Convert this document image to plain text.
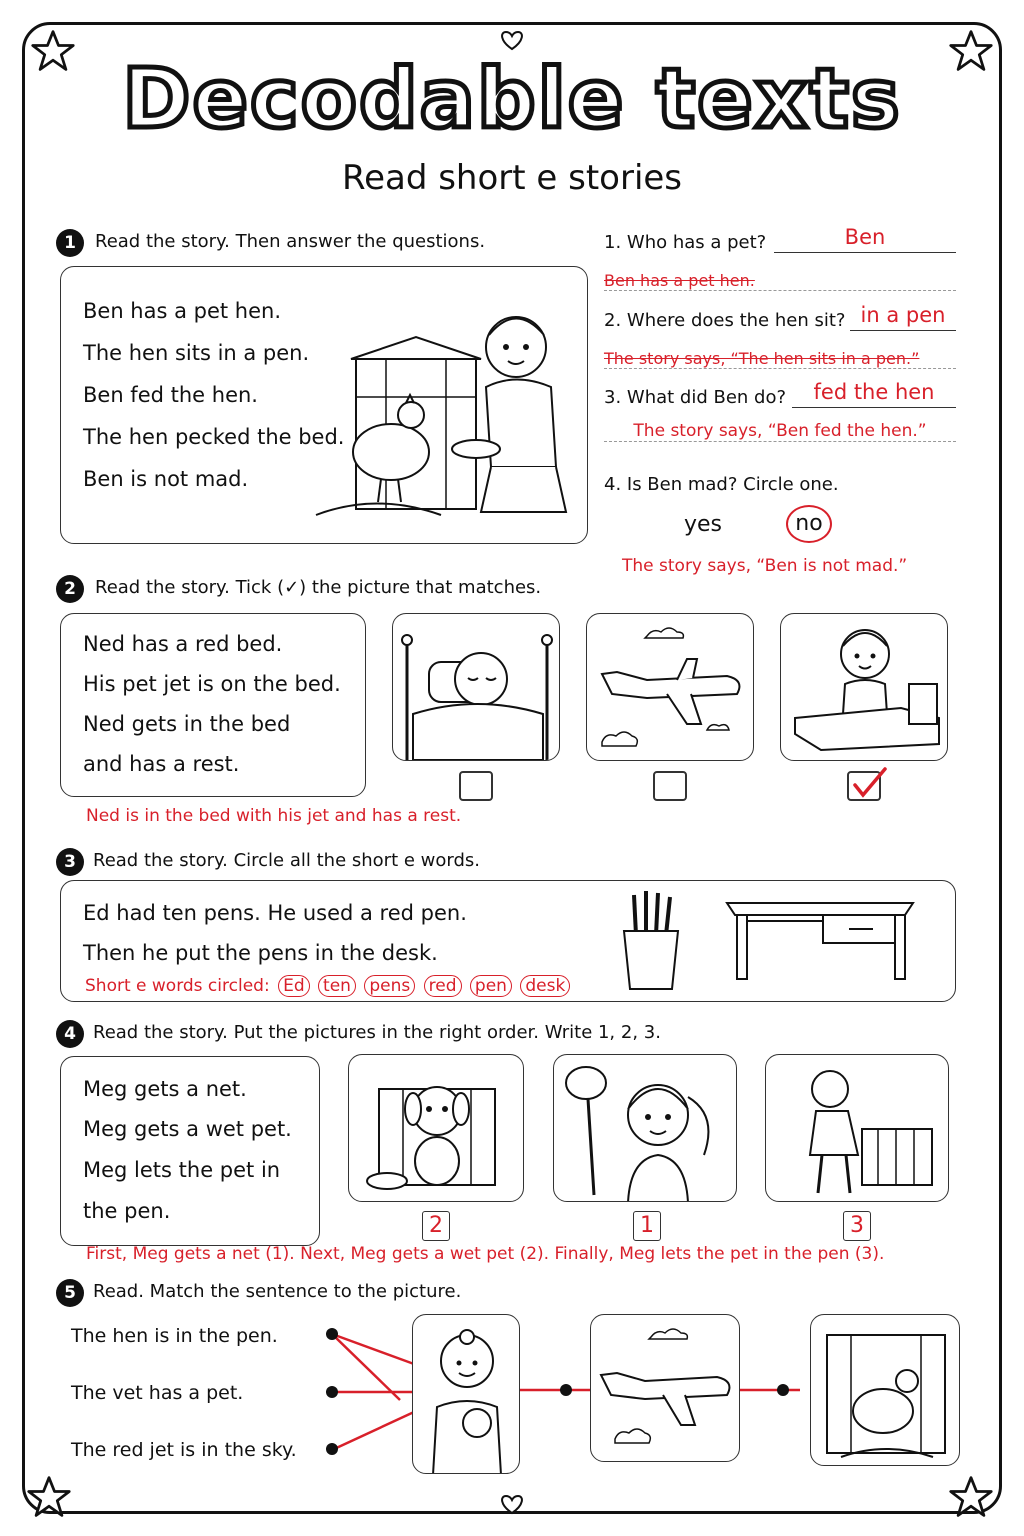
Decodable texts
Read short e stories
1	Read the story. Then answer the questions.
Ben has a pet hen.
The hen sits in a pen.
Ben fed the hen.
The hen pecked the bed.
Ben is not mad.
1. Who has a pet?	Ben
Ben has a pet hen.
2. Where does the hen sit? in a pen
The story says, “The hen sits in a pen.”
3. What did Ben do?	fed the hen
The story says, “Ben fed the hen.”
4. Is Ben mad? Circle one.
yes	no
The story says, “Ben is not mad.”
2	Read the story. Tick (✓) the picture that matches.
Ned has a red bed.
His pet jet is on the bed.
Ned gets in the bed
and has a rest.
Ned is in the bed with his jet and has a rest.
3 Read the story. Circle all the short e words.
Ed had ten pens. He used a red pen.
Then he put the pens in the desk.
Short e words circled: Ed ten pens red pen desk
4 Read the story. Put the pictures in the right order. Write 1, 2, 3.
Meg gets a net.
Meg gets a wet pet.
Meg lets the pet in
the pen.
2	1	3
First, Meg gets a net (1). Next, Meg gets a wet pet (2). Finally, Meg lets the pet in the pen (3).
5 Read. Match the sentence to the picture.
The hen is in the pen.
The vet has a pet.
The red jet is in the sky.
